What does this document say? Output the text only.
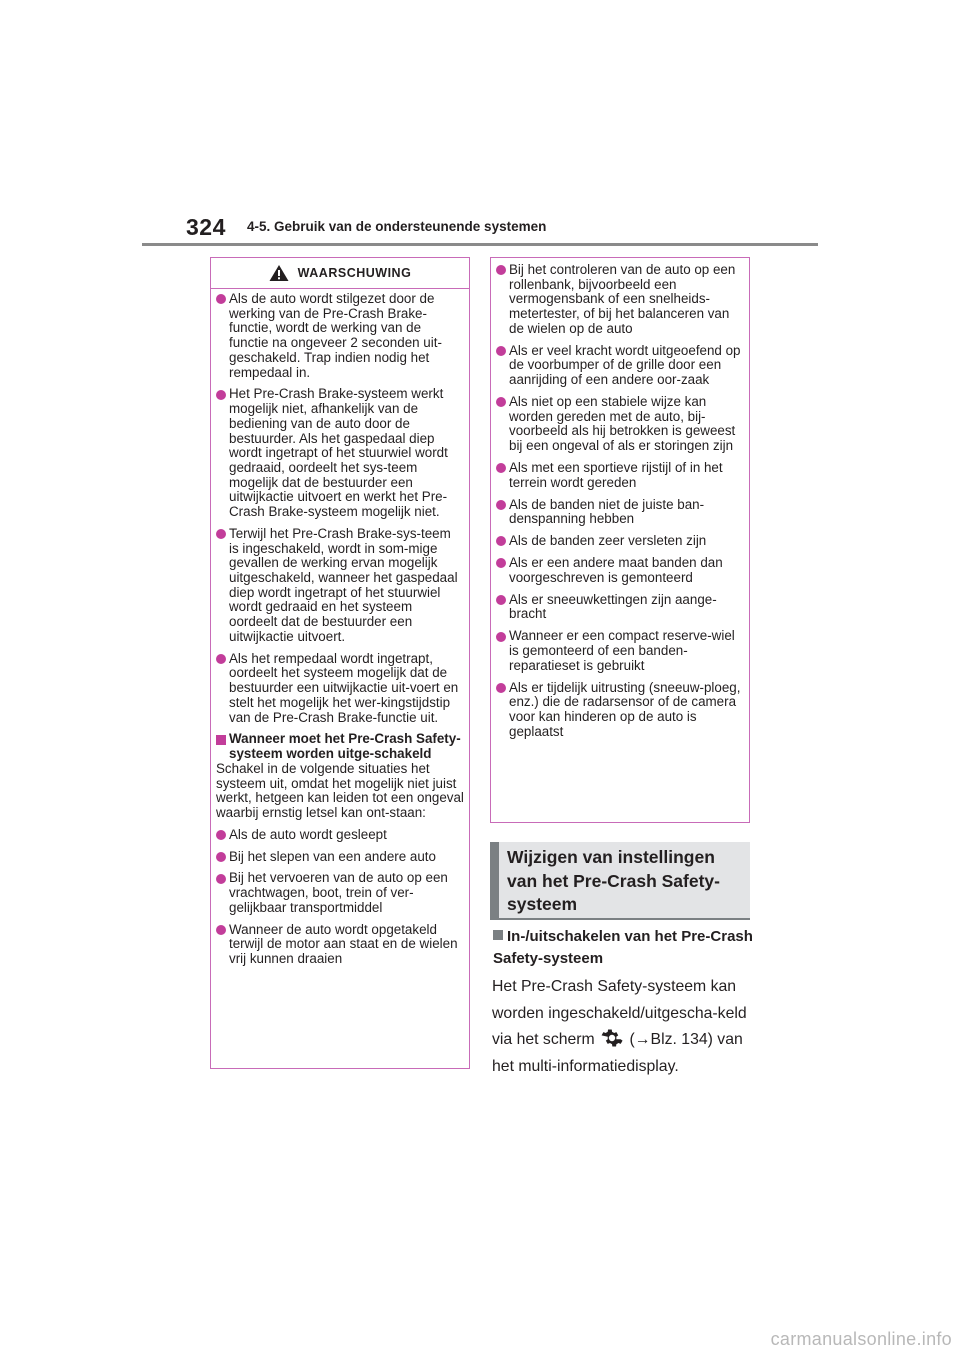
324 4-5. Gebruik van de ondersteunende systemen
WAARSCHUWING
Als de auto wordt stilgezet door de werking van de Pre-Crash Brake-functie, wordt de werking van de functie na ongeveer 2 seconden uit-geschakeld. Trap indien nodig het rempedaal in.
Het Pre-Crash Brake-systeem werkt mogelijk niet, afhankelijk van de bediening van de auto door de bestuurder. Als het gaspedaal diep wordt ingetrapt of het stuurwiel wordt gedraaid, oordeelt het sys-teem mogelijk dat de bestuurder een uitwijkactie uitvoert en werkt het Pre-Crash Brake-systeem mogelijk niet.
Terwijl het Pre-Crash Brake-sys-teem is ingeschakeld, wordt in som-mige gevallen de werking ervan mogelijk uitgeschakeld, wanneer het gaspedaal diep wordt ingetrapt of het stuurwiel wordt gedraaid en het systeem oordeelt dat de bestuurder een uitwijkactie uitvoert.
Als het rempedaal wordt ingetrapt, oordeelt het systeem mogelijk dat de bestuurder een uitwijkactie uit-voert en stelt het mogelijk het wer-kingstijdstip van de Pre-Crash Brake-functie uit.
Wanneer moet het Pre-Crash Safety-systeem worden uitge-schakeld

Schakel in de volgende situaties het systeem uit, omdat het mogelijk niet juist werkt, hetgeen kan leiden tot een ongeval waarbij ernstig letsel kan ont-staan:

Als de auto wordt gesleept
Bij het slepen van een andere auto
Bij het vervoeren van de auto op een vrachtwagen, boot, trein of ver-gelijkbaar transportmiddel
Wanneer de auto wordt opgetakeld terwijl de motor aan staat en de wielen vrij kunnen draaien
Bij het controleren van de auto op een rollenbank, bijvoorbeeld een vermogensbank of een snelheids-metertester, of bij het balanceren van de wielen op de auto
Als er veel kracht wordt uitgeoefend op de voorbumper of de grille door een aanrijding of een andere oor-zaak
Als niet op een stabiele wijze kan worden gereden met de auto, bij-voorbeeld als hij betrokken is geweest bij een ongeval of als er storingen zijn
Als met een sportieve rijstijl of in het terrein wordt gereden
Als de banden niet de juiste ban-denspanning hebben
Als de banden zeer versleten zijn
Als er een andere maat banden dan voorgeschreven is gemonteerd
Als er sneeuwkettingen zijn aange-bracht
Wanneer er een compact reserve-wiel is gemonteerd of een banden-reparatieset is gebruikt
Als er tijdelijk uitrusting (sneeuw-ploeg, enz.) die de radarsensor of de camera voor kan hinderen op de auto is geplaatst
Wijzigen van instellingen van het Pre-Crash Safety-systeem
In-/uitschakelen van het Pre-Crash Safety-systeem
Het Pre-Crash Safety-systeem kan worden ingeschakeld/uitgescha-keld via het scherm (→Blz. 134) van het multi-informatiedisplay.
carmanualsonline.info
